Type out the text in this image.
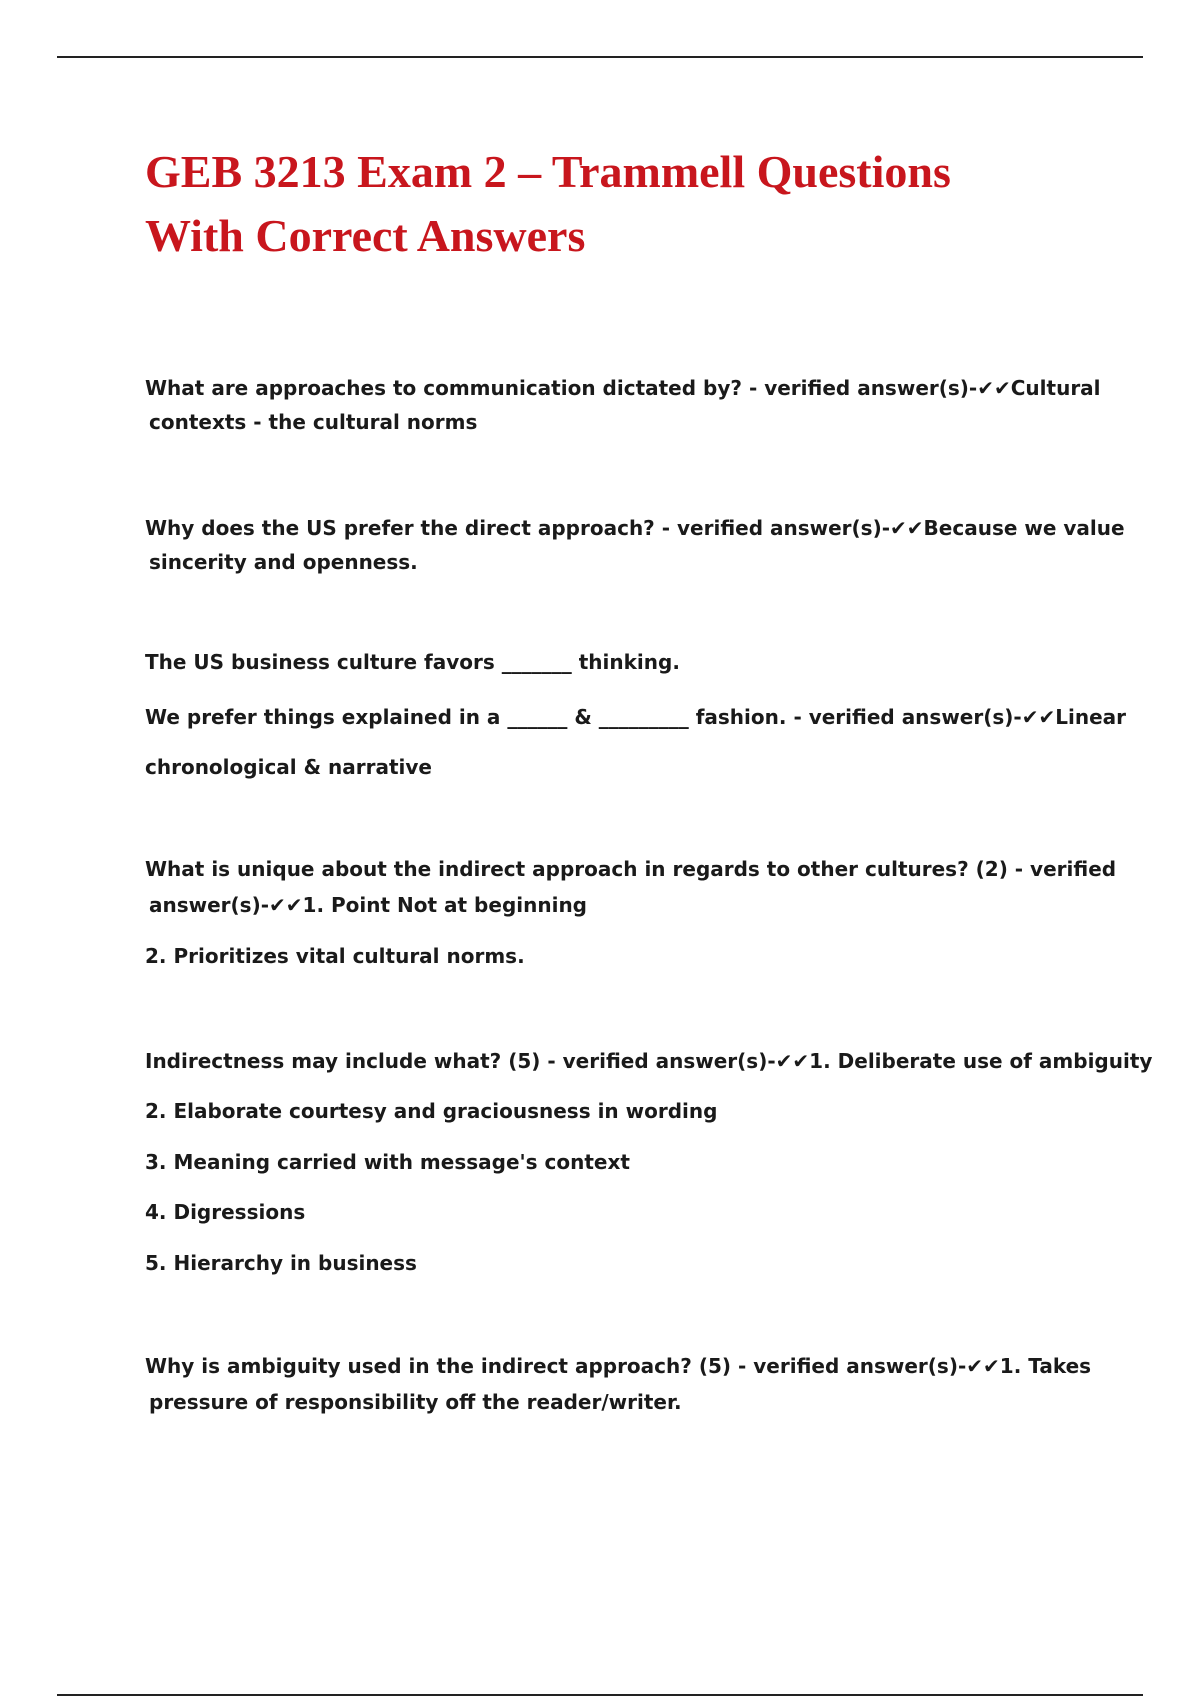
GEB 3213 Exam 2 – Trammell Questions
With Correct Answers

What are approaches to communication dictated by? - verified answer(s)-✔✔Cultural

contexts - the cultural norms

Why does the US prefer the direct approach? - verified answer(s)-✔✔Because we value

sincerity and openness.

The US business culture favors _______ thinking.

We prefer things explained in a ______ & _________ fashion. - verified answer(s)-✔✔Linear

chronological & narrative

What is unique about the indirect approach in regards to other cultures? (2) - verified

answer(s)-✔✔1. Point Not at beginning

2. Prioritizes vital cultural norms.

Indirectness may include what? (5) - verified answer(s)-✔✔1. Deliberate use of ambiguity

2. Elaborate courtesy and graciousness in wording

3. Meaning carried with message's context

4. Digressions

5. Hierarchy in business

Why is ambiguity used in the indirect approach? (5) - verified answer(s)-✔✔1. Takes

pressure of responsibility off the reader/writer.
